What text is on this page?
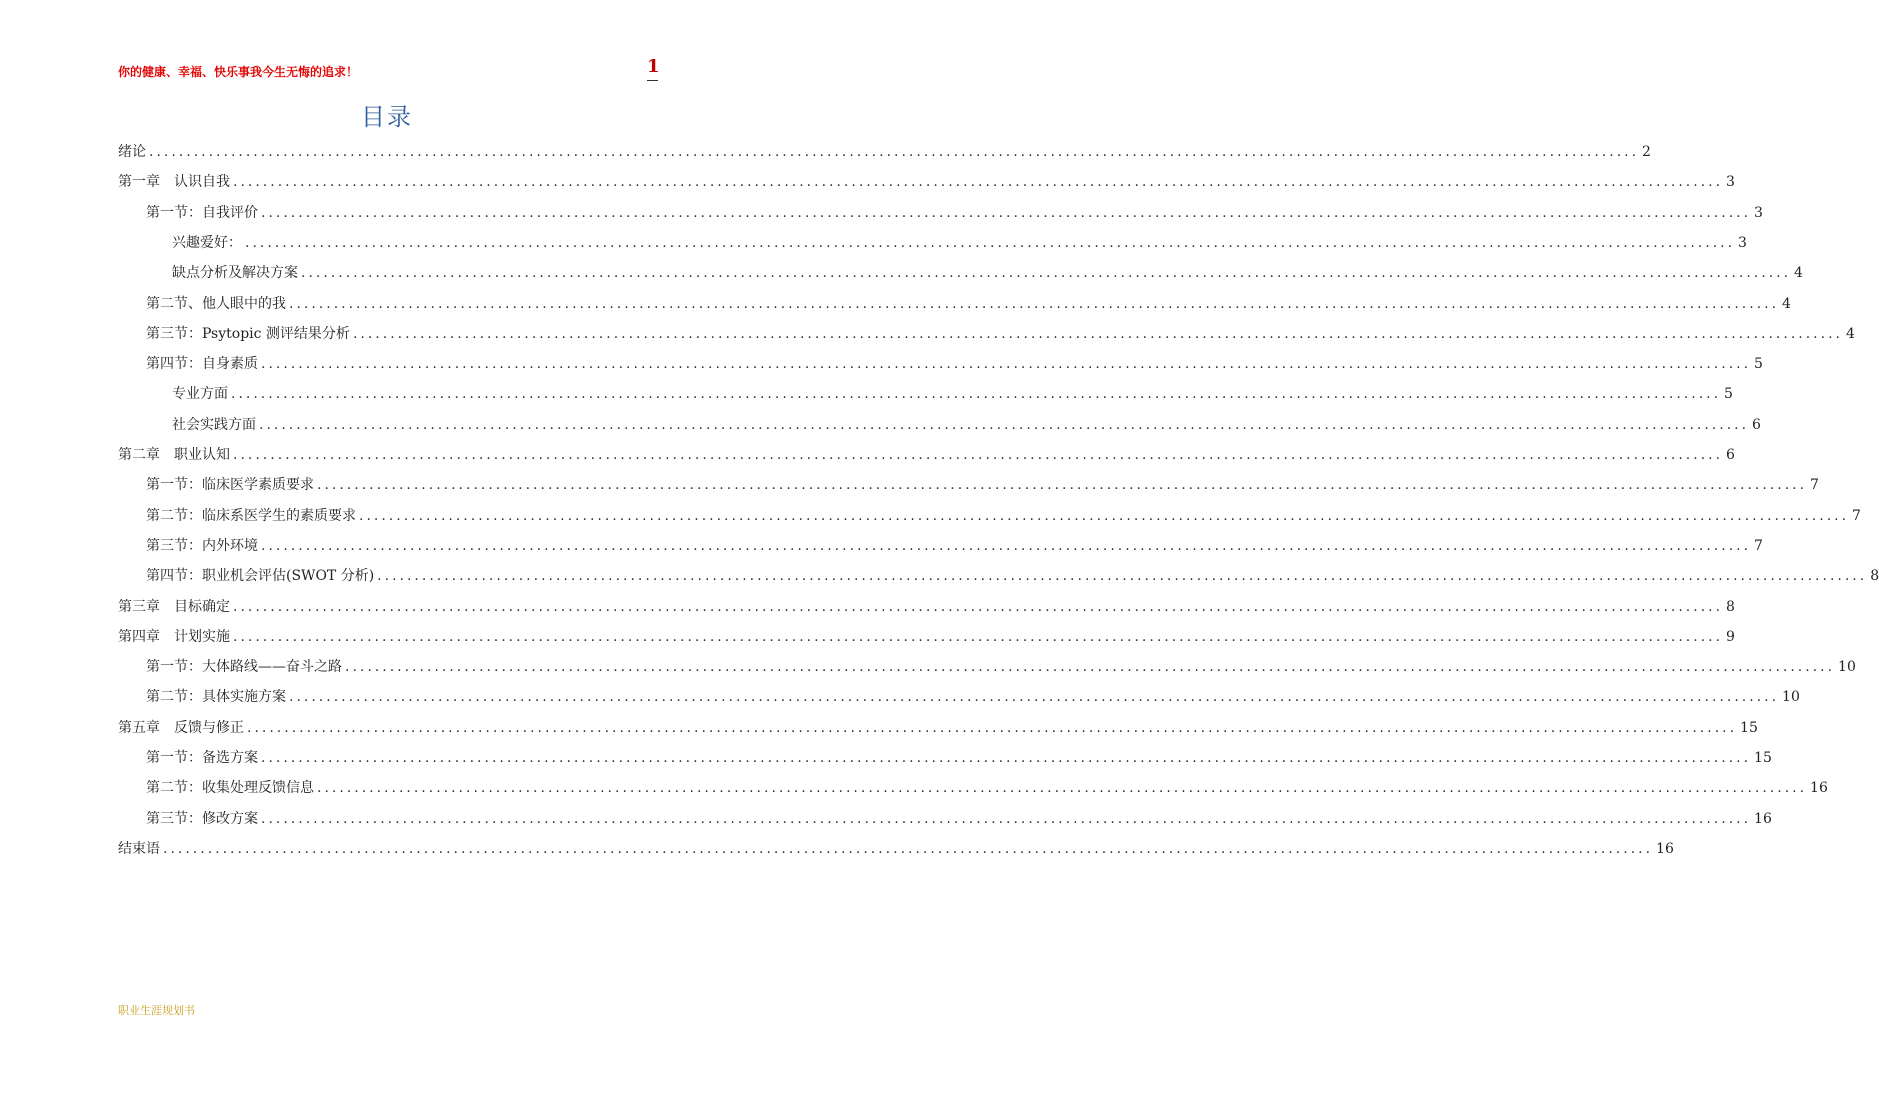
你的健康、幸福、快乐事我今生无悔的追求！	1
目录
绪论 ........................................................................................................................................................................................................ 2
第一章　认识自我 ........................................................................................................................................................................................................ 3
第一节：自我评价 ........................................................................................................................................................................................................ 3
兴趣爱好： ........................................................................................................................................................................................................ 3
缺点分析及解决方案 ........................................................................................................................................................................................................ 4
第二节、他人眼中的我 ........................................................................................................................................................................................................ 4
第三节：Psytopic 测评结果分析 ........................................................................................................................................................................................................ 4
第四节：自身素质 ........................................................................................................................................................................................................ 5
专业方面 ........................................................................................................................................................................................................ 5
社会实践方面 ........................................................................................................................................................................................................ 6
第二章　职业认知 ........................................................................................................................................................................................................ 6
第一节：临床医学素质要求 ........................................................................................................................................................................................................ 7
第二节：临床系医学生的素质要求 ........................................................................................................................................................................................................ 7
第三节：内外环境 ........................................................................................................................................................................................................ 7
第四节：职业机会评估(SWOT 分析) ........................................................................................................................................................................................................ 8
第三章　目标确定 ........................................................................................................................................................................................................ 8
第四章　计划实施 ........................................................................................................................................................................................................ 9
第一节：大体路线——奋斗之路 ........................................................................................................................................................................................................ 10
第二节：具体实施方案 ........................................................................................................................................................................................................ 10
第五章　反馈与修正 ........................................................................................................................................................................................................ 15
第一节：备选方案 ........................................................................................................................................................................................................ 15
第二节：收集处理反馈信息 ........................................................................................................................................................................................................ 16
第三节：修改方案 ........................................................................................................................................................................................................ 16
结束语 ........................................................................................................................................................................................................ 16
职业生涯规划书
